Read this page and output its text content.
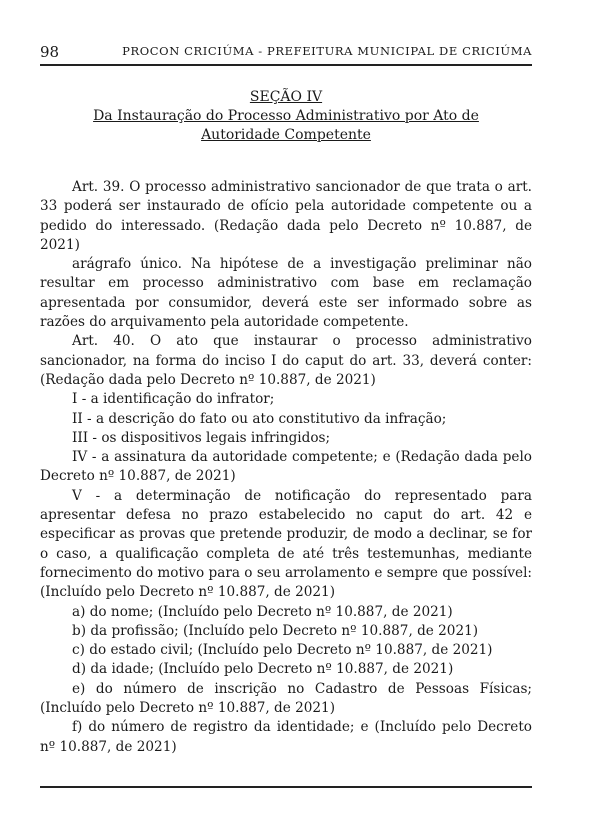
98	PROCON CRICIÚMA - PREFEITURA MUNICIPAL DE CRICIÚMA
SEÇÃO IV
Da Instauração do Processo Administrativo por Ato de
Autoridade Competente

Art. 39. O processo administrativo sancionador de que trata o art. 33 poderá ser instaurado de ofício pela autoridade competente ou a pedido do interessado. (Redação dada pelo Decreto nº 10.887, de 2021)

arágrafo único. Na hipótese de a investigação preliminar não resultar em processo administrativo com base em reclamação apresentada por consumidor, deverá este ser informado sobre as razões do arquivamento pela autoridade competente.

Art. 40. O ato que instaurar o processo administrativo sancionador, na forma do inciso I do caput do art. 33, deverá conter: (Redação dada pelo Decreto nº 10.887, de 2021)

I - a identificação do infrator;

II - a descrição do fato ou ato constitutivo da infração;

III - os dispositivos legais infringidos;

IV - a assinatura da autoridade competente; e (Redação dada pelo Decreto nº 10.887, de 2021)

V - a determinação de notificação do representado para apresentar defesa no prazo estabelecido no caput do art. 42 e especificar as provas que pretende produzir, de modo a declinar, se for o caso, a qualificação completa de até três testemunhas, mediante fornecimento do motivo para o seu arrolamento e sempre que possível: (Incluído pelo Decreto nº 10.887, de 2021)

a) do nome; (Incluído pelo Decreto nº 10.887, de 2021)

b) da profissão; (Incluído pelo Decreto nº 10.887, de 2021)

c) do estado civil; (Incluído pelo Decreto nº 10.887, de 2021)

d) da idade; (Incluído pelo Decreto nº 10.887, de 2021)

e) do número de inscrição no Cadastro de Pessoas Físicas; (Incluído pelo Decreto nº 10.887, de 2021)

f) do número de registro da identidade; e (Incluído pelo Decreto nº 10.887, de 2021)
